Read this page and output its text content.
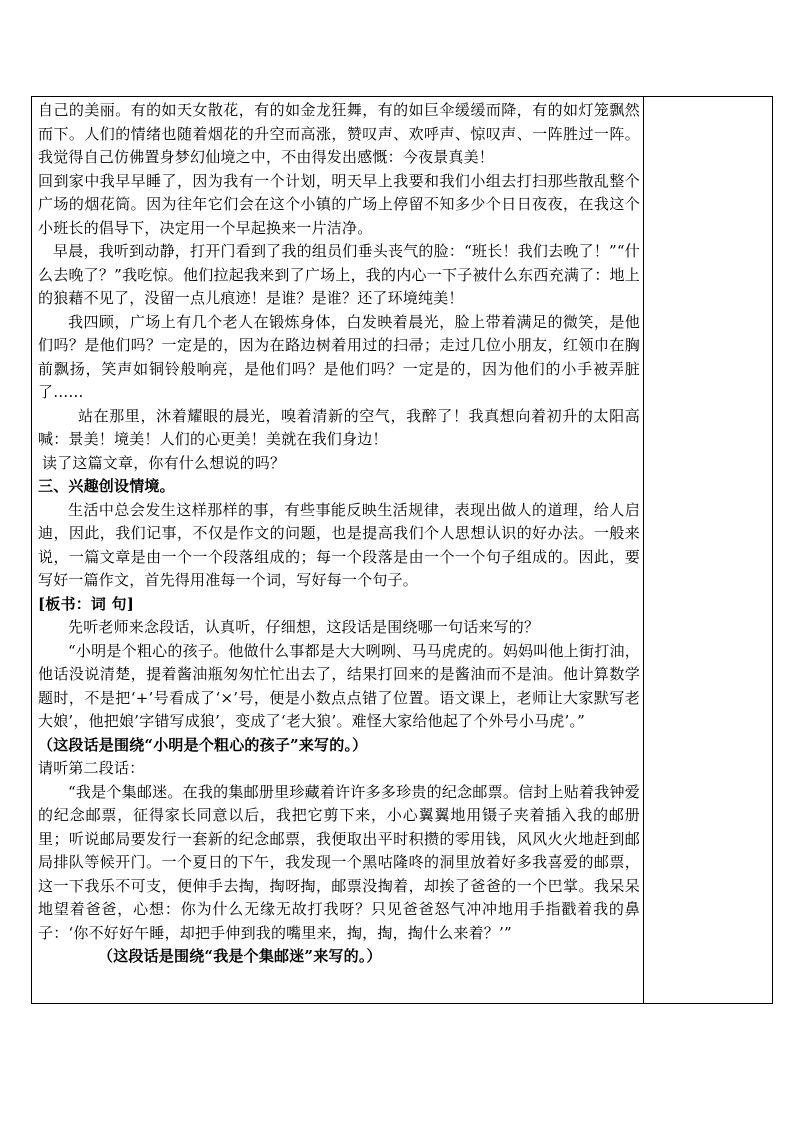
自己的美丽。有的如天女散花，有的如金龙狂舞，有的如巨伞缓缓而降，有的如灯笼飘然而下。人们的情绪也随着烟花的升空而高涨，赞叹声、欢呼声、惊叹声、一阵胜过一阵。我觉得自己仿佛置身梦幻仙境之中，不由得发出感慨：今夜景真美！

回到家中我早早睡了，因为我有一个计划，明天早上我要和我们小组去打扫那些散乱整个广场的烟花筒。因为往年它们会在这个小镇的广场上停留不知多少个日日夜夜，在我这个小班长的倡导下，决定用一个早起换来一片洁净。

早晨，我听到动静，打开门看到了我的组员们垂头丧气的脸：“班长！我们去晚了！”“什么去晚了？”我吃惊。他们拉起我来到了广场上，我的内心一下子被什么东西充满了：地上的狼藉不见了，没留一点儿痕迹！是谁？是谁？还了环境纯美！

我四顾，广场上有几个老人在锻炼身体，白发映着晨光，脸上带着满足的微笑，是他们吗？是他们吗？一定是的，因为在路边树着用过的扫帚；走过几位小朋友，红领巾在胸前飘扬，笑声如铜铃般响亮，是他们吗？是他们吗？一定是的，因为他们的小手被弄脏了……

站在那里，沐着耀眼的晨光，嗅着清新的空气，我醉了！我真想向着初升的太阳高喊：景美！境美！人们的心更美！美就在我们身边！

读了这篇文章，你有什么想说的吗？

三、兴趣创设情境。

生活中总会发生这样那样的事，有些事能反映生活规律，表现出做人的道理，给人启迪，因此，我们记事，不仅是作文的问题，也是提高我们个人思想认识的好办法。一般来说，一篇文章是由一个一个段落组成的；每一个段落是由一个一个句子组成的。因此，要写好一篇作文，首先得用准每一个词，写好每一个句子。

[板书：词 句]

先听老师来念段话，认真听，仔细想，这段话是围绕哪一句话来写的？

“小明是个粗心的孩子。他做什么事都是大大咧咧、马马虎虎的。妈妈叫他上街打油，他话没说清楚，提着酱油瓶匆匆忙忙出去了，结果打回来的是酱油而不是油。他计算数学题时，不是把‘+’号看成了‘×’号，便是小数点点错了位置。语文课上，老师让大家默写老大娘’，他把娘’字错写成狼’，变成了‘老大狼’。难怪大家给他起了个外号小马虎’。”

（这段话是围绕“小明是个粗心的孩子”来写的。）

请听第二段话：

“我是个集邮迷。在我的集邮册里珍藏着许许多多珍贵的纪念邮票。信封上贴着我钟爱的纪念邮票，征得家长同意以后，我把它剪下来，小心翼翼地用镊子夹着插入我的邮册里；听说邮局要发行一套新的纪念邮票，我便取出平时积攒的零用钱，风风火火地赶到邮局排队等候开门。一个夏日的下午，我发现一个黑咕隆咚的洞里放着好多我喜爱的邮票，这一下我乐不可支，便伸手去掏，掏呀掏，邮票没掏着，却挨了爸爸的一个巴掌。我呆呆地望着爸爸，心想：你为什么无缘无故打我呀？只见爸爸怒气冲冲地用手指戳着我的鼻子：‘你不好好午睡，却把手伸到我的嘴里来，掏，掏，掏什么来着？’”

（这段话是围绕“我是个集邮迷”来写的。）
